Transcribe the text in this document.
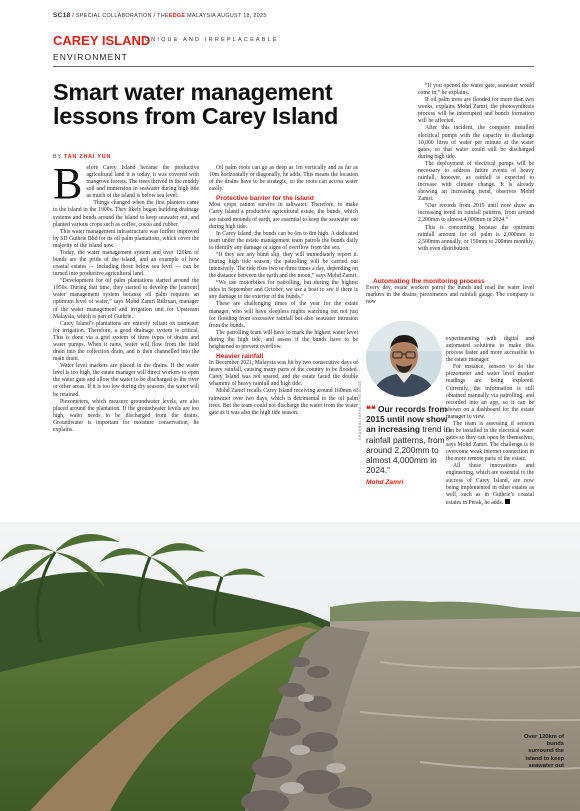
SC18 / SPECIAL COLLABORATION / THEEDGE MALAYSIA AUGUST 18, 2025
CAREY ISLAND
UNIQUE AND IRREPLACEABLE
ENVIRONMENT
Smart water management lessons from Carey Island
BY TAN ZHAI YUN

Before Carey Island became the productive agricultural land it is today, it was covered with mangrove forests. The trees thrived in the muddy soil and immersion in seawater during high tide as much of the island is below sea level.

Things changed when the first planters came to the island in the 1900s. They likely began building drainage systems and bunds around the island to keep seawater out, and planted various crops such as coffee, cocoa and rubber.

This water management infrastructure was further improved by SD Guthrie Bhd for its oil palm plantations, which cover the majority of the island now.

Today, the water management system and over 120km of bunds are the pride of the island, and an example of how coastal estates — including those below sea level — can be turned into productive agricultural land.

“Development for oil palm plantations started around the 1950s. During that time, they started to develop the [current] water management system because oil palm requires an optimum level of water,” says Mohd Zamri Ridzuan, manager of the water management and irrigation unit for Upstream Malaysia, which is part of Guthrie.

Carey Island’s plantations are entirely reliant on rainwater for irrigation. Therefore, a good drainage system is critical. This is done via a grid system of three types of drains and water pumps. When it rains, water will flow from the field drain into the collection drain, and is then channelled into the main drain.

Water level markers are placed in the drains. If the water level is too high, the estate manager will direct workers to open the water gate and allow the water to be discharged to the river or other areas. If it is too low during dry seasons, the water will be retained.

Piezometers, which measure groundwater levels, are also placed around the plantation. If the groundwater levels are too high, water needs to be discharged from the drains. Groundwater is important for moisture conservation, he explains.

Oil palm roots can go as deep as 1m vertically and as far as 10m horizontally or diagonally, he adds. This means the location of the drains have to be strategic, so the roots can access water easily.

Protective barrier for the island

Most crops cannot survive in saltwater. Therefore, to make Carey Island a productive agricultural estate, the bunds, which are raised mounds of earth, are essential to keep the seawater out during high tide.

In Carey Island, the bunds can be 6m to 8m high. A dedicated team under the estate management team patrols the bunds daily to identify any damage or signs of overflow from the sea.

“If they see any bund slip, they will immediately report it. During high tide season, the patrolling will be carried out intensively. The tide rises two or three times a day, depending on the distance between the earth and the moon,” says Mohd Zamri.

“We use motorbikes for patrolling, but during the highest tides in September and October, we use a boat to see if there is any damage to the exterior of the bunds.”

These are challenging times of the year for the estate manager, who will have sleepless nights watching out not just for flooding from excessive rainfall but also seawater intrusion from the bunds.

The patrolling team will have to mark the highest water level during the high tide, and assess if the bunds have to be heightened to prevent overflow.

Heavier rainfall

In December 2021, Malaysia was hit by two consecutive days of heavy rainfall, causing many parts of the country to be flooded. Carey Island was not spared, and the estate faced the double whammy of heavy rainfall and high tide.

Mohd Zamri recalls Carey Island receiving around 160mm of rainwater over two days, which is detrimental to the oil palm trees. But the team could not discharge the water from the water gate as it was also the high tide season.

“If you opened the water gate, seawater would come in,” he explains.

If oil palm trees are flooded for more than two weeks, explains Mohd Zamri, the photosynthesis process will be interrupted and bunch formation will be affected.

After this incident, the company installed electrical pumps with the capacity to discharge 10,000 litres of water per minute at the water gates, so that water could still be discharged during high tide.

The deployment of electrical pumps will be necessary to address future events of heavy rainfall, however, as rainfall is expected to increase with climate change. It is already showing an increasing trend, observes Mohd Zamri.

“Our records from 2015 until now show an increasing trend in rainfall patterns, from around 2,200mm to almost 4,000mm in 2024.”

This is concerning because the optimum rainfall amount for oil palm is 2,000mm to 2,500mm annually, or 150mm to 200mm monthly, with even distribution.

Automating the monitoring process

Every day, estate workers patrol the bunds and read the water level markers in the drains, piezometers and rainfall gauge. The company is now

experimenting with digital and automated solutions to make this process faster and more accessible to the estate manager.

For instance, sensors to do the piezometer and water level marker readings are being explored. Currently, the information is still obtained manually via patrolling, and recorded into an app, so it can be shown on a dashboard for the estate manager to view.

The team is assessing if sensors can be installed in the electrical water gates so they can open by themselves, says Mohd Zamri. The challenge is to overcome weak internet connection in the more remote parts of the estate.

All these innovations and engineering, which are essential to the success of Carey Island, are now being implemented in other estates as well, such as in Guthrie’s coastal estates in Perak, he adds.

❝❝ Our records from 2015 until now show an increasing trend in rainfall patterns, from around 2,200mm to almost 4,000mm in 2024.”
Mohd Zamri
SHAHRIN YAHYA / THE EDGE
Over 120km of bunds surround the island to keep seawater out
